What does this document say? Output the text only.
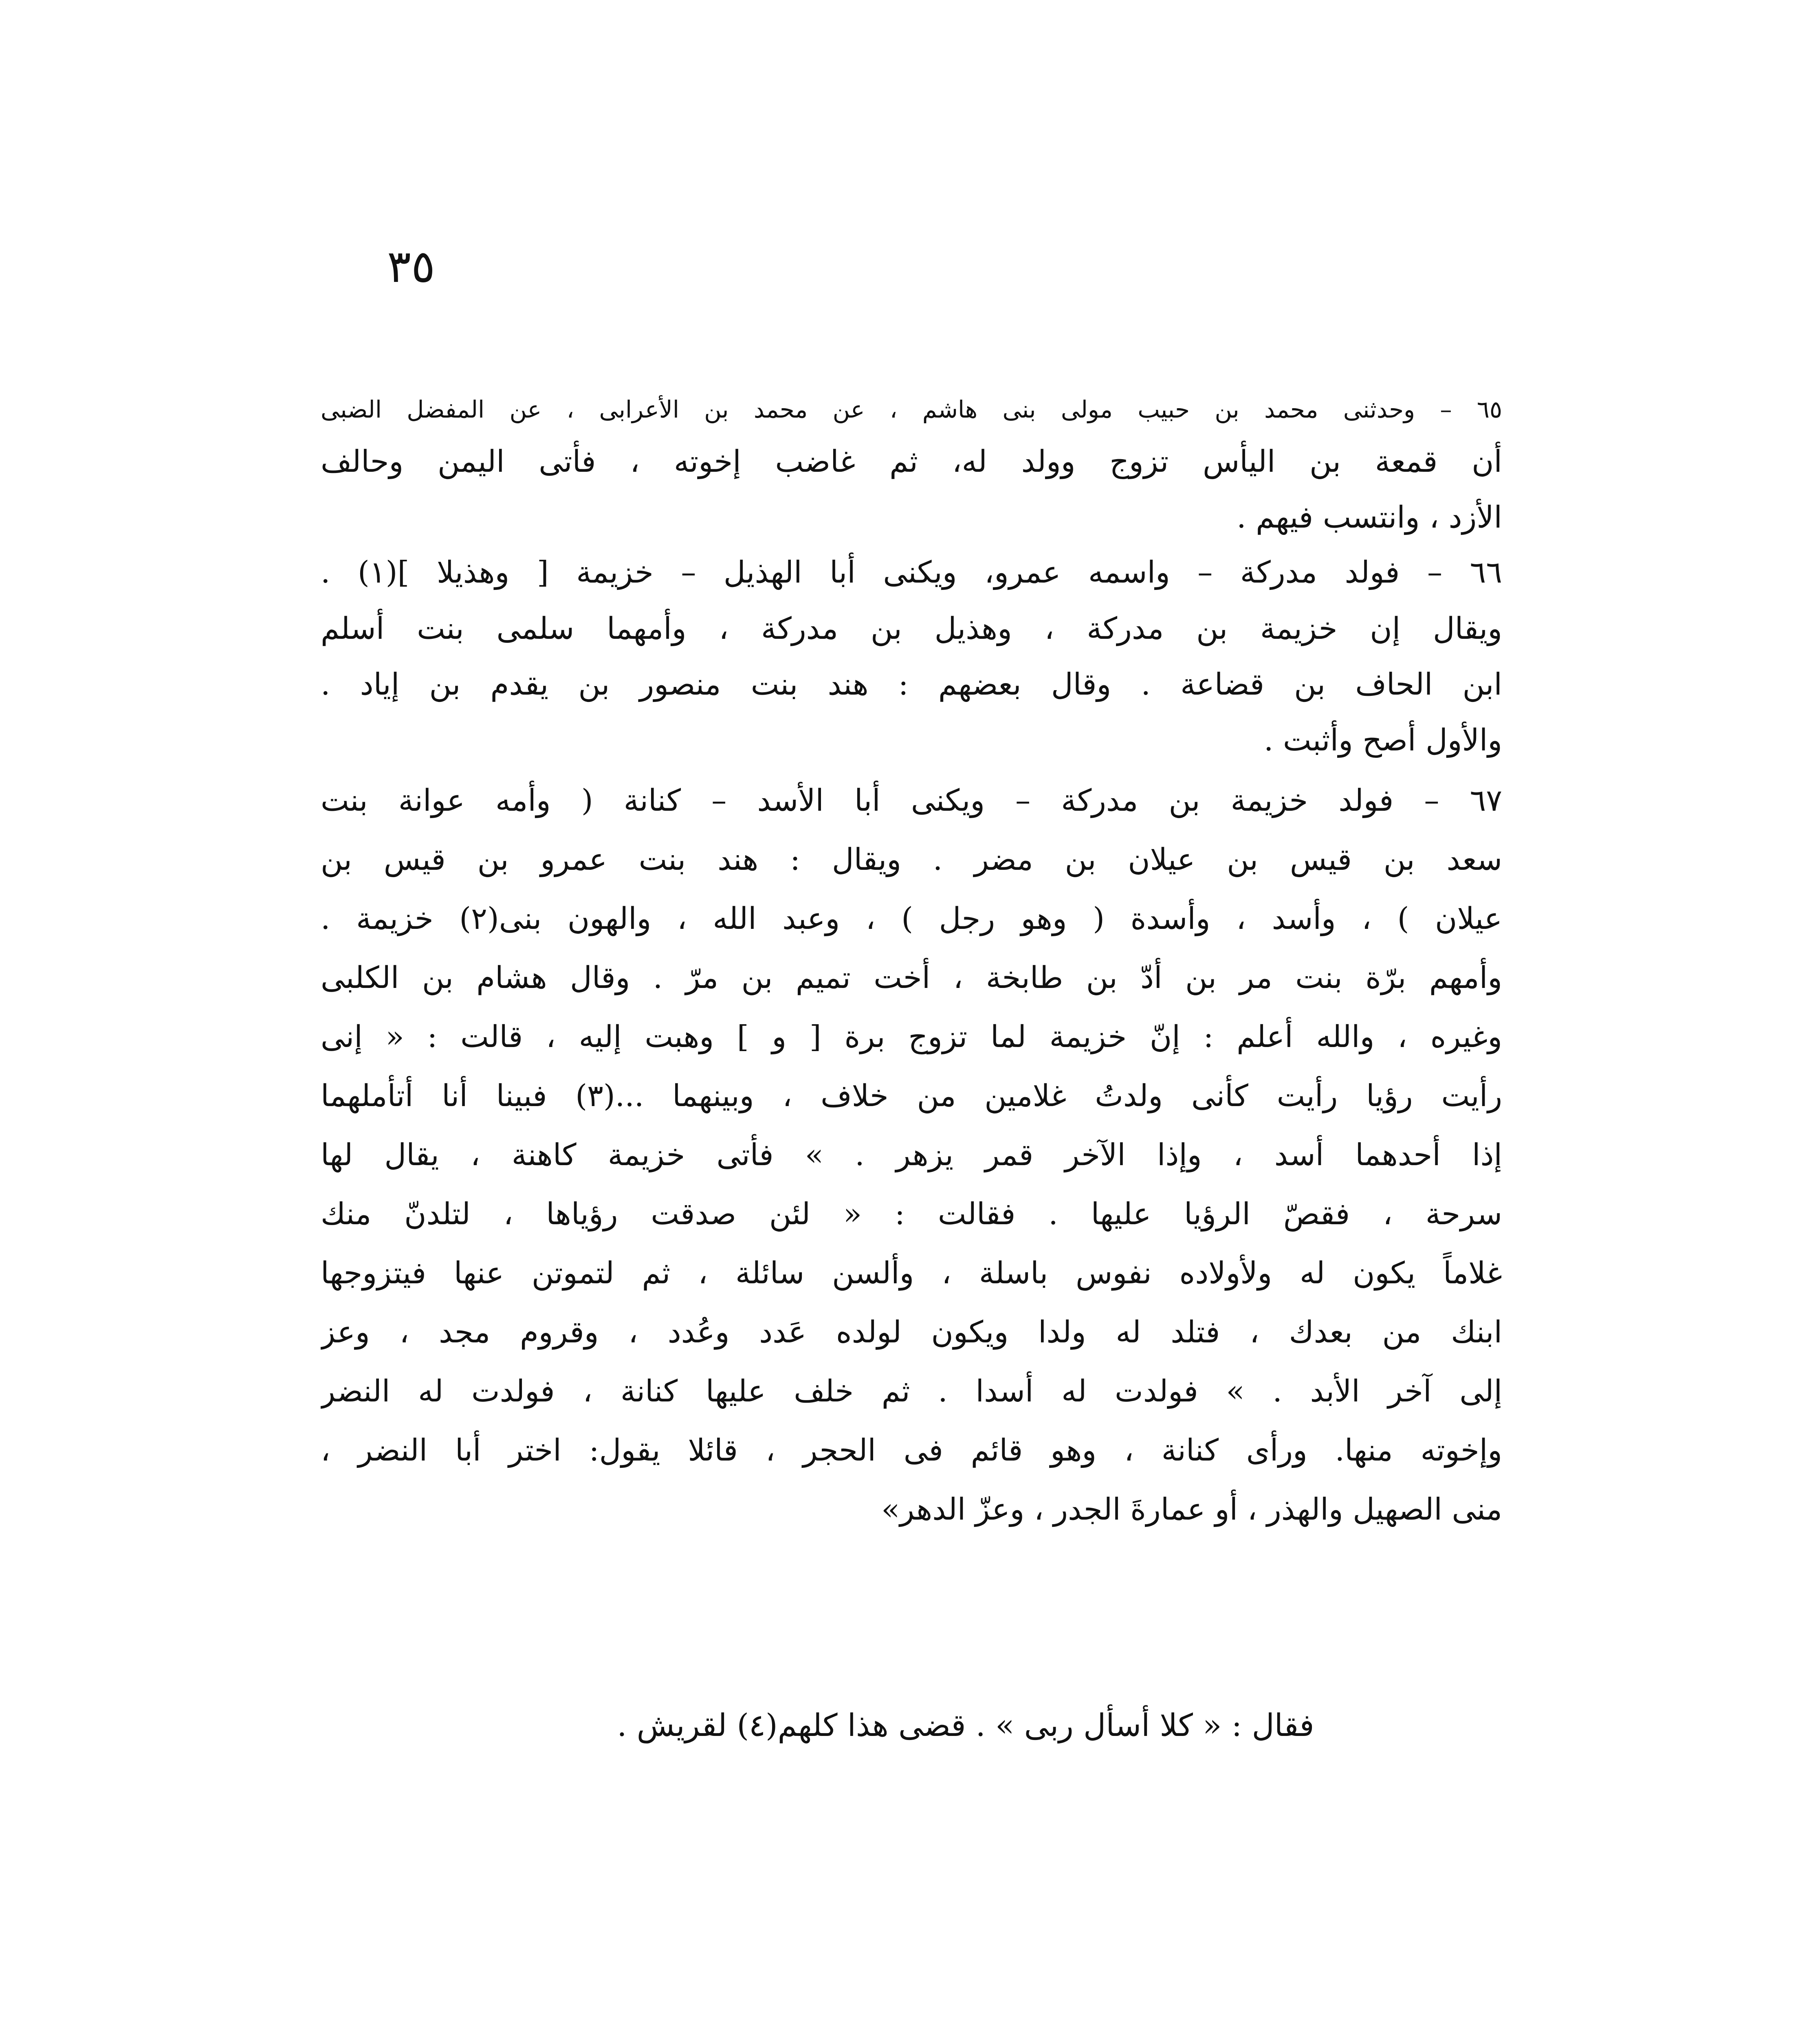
٣٥
٦٥ – وحدثنى محمد بن حبيب مولى بنى هاشم ، عن محمد بن الأعرابى ، عن المفضل الضبى
أن قمعة بن اليأس تزوج وولد له، ثم غاضب إخوته ، فأتى اليمن وحالف
الأزد ، وانتسب فيهم .
٦٦ – فولد مدركة – واسمه عمرو، ويكنى أبا الهذيل – خزيمة [ وهذيلا ](١) .
ويقال إن خزيمة بن مدركة ، وهذيل بن مدركة ، وأمهما سلمى بنت أسلم
ابن الحاف بن قضاعة . وقال بعضهم : هند بنت منصور بن يقدم بن إياد .
والأول أصح وأثبت .
٦٧ – فولد خزيمة بن مدركة – ويكنى أبا الأسد – كنانة ( وأمه عوانة بنت
سعد بن قيس بن عيلان بن مضر . ويقال : هند بنت عمرو بن قيس بن
عيلان ) ، وأسد ، وأسدة ( وهو رجل ) ، وعبد الله ، والهون بنى(٢) خزيمة .
وأمهم برّة بنت مر بن أدّ بن طابخة ، أخت تميم بن مرّ . وقال هشام بن الكلبى
وغيره ، والله أعلم : إنّ خزيمة لما تزوج برة [ و ] وهبت إليه ، قالت : « إنى
رأيت رؤيا رأيت كأنى ولدتُ غلامين من خلاف ، وبينهما ...(٣) فبينا أنا أتأملهما
إذا أحدهما أسد ، وإذا الآخر قمر يزهر . » فأتى خزيمة كاهنة ، يقال لها
سرحة ، فقصّ الرؤيا عليها . فقالت : « لئن صدقت رؤياها ، لتلدنّ منك
غلاماً يكون له ولأولاده نفوس باسلة ، وألسن سائلة ، ثم لتموتن عنها فيتزوجها
ابنك من بعدك ، فتلد له ولدا ويكون لولده عَدد وعُدد ، وقروم مجد ، وعز
إلى آخر الأبد . » فولدت له أسدا . ثم خلف عليها كنانة ، فولدت له النضر
وإخوته منها. ورأى كنانة ، وهو قائم فى الحجر ، قائلا يقول: اختر أبا النضر ،
منى الصهيل والهذر ، أو عمارةَ الجدر ، وعزّ الدهر»
فقال : « كلا أسأل ربى » . قضى هذا كلهم(٤) لقريش .
